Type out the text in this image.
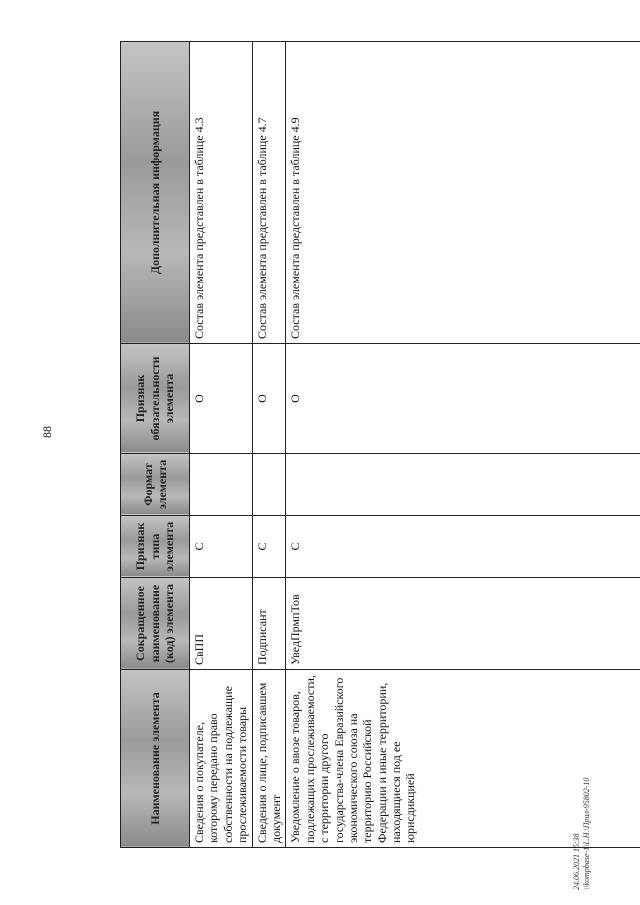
88
Наименование элемента	Сокращенное наименование (код) элемента	Признак типа элемента	Формат элемента	Признак обязательности элемента	Дополнительная информация
Сведения о покупателе, которому передано право собственности на подлежащие прослеживаемости товары	СвПП	С		О	Состав элемента представлен в таблице 4.3
Сведения о лице, подписавшем документ	Подписант	С		О	Состав элемента представлен в таблице 4.7
Уведомление о ввозе товаров, подлежащих прослеживаемости, с территории другого государства-члена Евразийского экономического союза на территорию Российской Федерации и иные территории, находящиеся под ее юрисдикцией	УведПрмпТов	С		О	Состав элемента представлен в таблице 4.9
24.06.2021 15:38 \\kompbase-1\L.H.\Прил-95802-10
